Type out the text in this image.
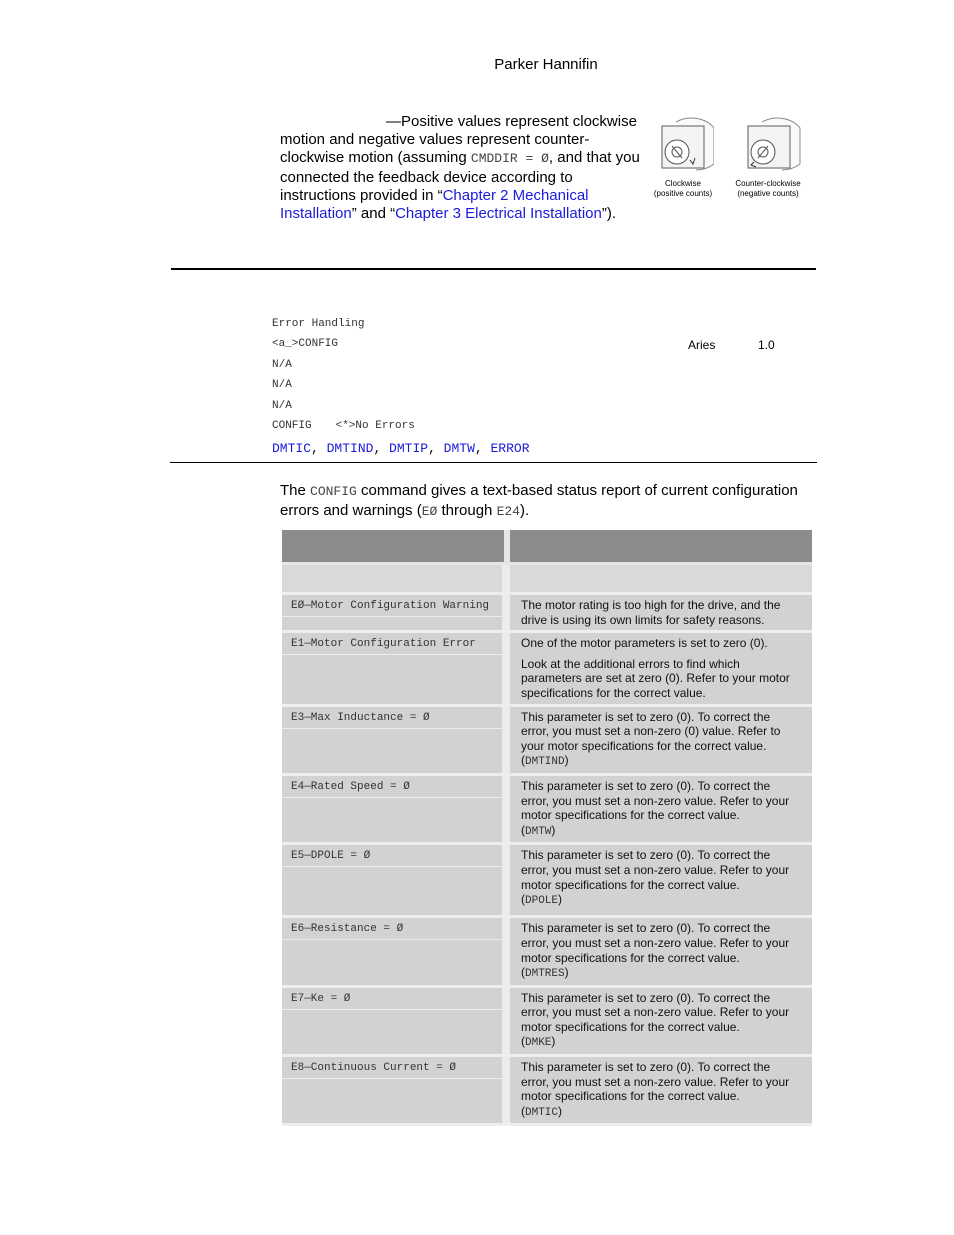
Parker Hannifin
—Positive values represent clockwise motion and negative values represent counter-clockwise motion (assuming CMDDIR = Ø, and that you connected the feedback device according to instructions provided in “Chapter 2 Mechanical Installation” and “Chapter 3 Electrical Installation”).
Clockwise
(positive counts)
Counter-clockwise
(negative counts)
Error Handling
<a_>CONFIG
N/A
N/A
N/A
CONFIG <*>No Errors
Aries	1.0
DMTIC, DMTIND, DMTIP, DMTW, ERROR
The CONFIG command gives a text-based status report of current configuration errors and warnings (EØ through E24).
EØ—Motor Configuration Warning	The motor rating is too high for the drive, and the drive is using its own limits for safety reasons.

E1—Motor Configuration Error	One of the motor parameters is set to zero (0).

Look at the additional errors to find which parameters are set at zero (0). Refer to your motor specifications for the correct value.

E3—Max Inductance = Ø	This parameter is set to zero (0). To correct the error, you must set a non-zero (0) value. Refer to your motor specifications for the correct value.
(DMTIND)

E4—Rated Speed = Ø	This parameter is set to zero (0). To correct the error, you must set a non-zero value. Refer to your motor specifications for the correct value.
(DMTW)

E5—DPOLE = Ø	This parameter is set to zero (0). To correct the error, you must set a non-zero value. Refer to your motor specifications for the correct value.
(DPOLE)

E6—Resistance = Ø	This parameter is set to zero (0). To correct the error, you must set a non-zero value. Refer to your motor specifications for the correct value.
(DMTRES)

E7—Ke = Ø	This parameter is set to zero (0). To correct the error, you must set a non-zero value. Refer to your motor specifications for the correct value.
(DMKE)

E8—Continuous Current = Ø	This parameter is set to zero (0). To correct the error, you must set a non-zero value. Refer to your motor specifications for the correct value.
(DMTIC)
